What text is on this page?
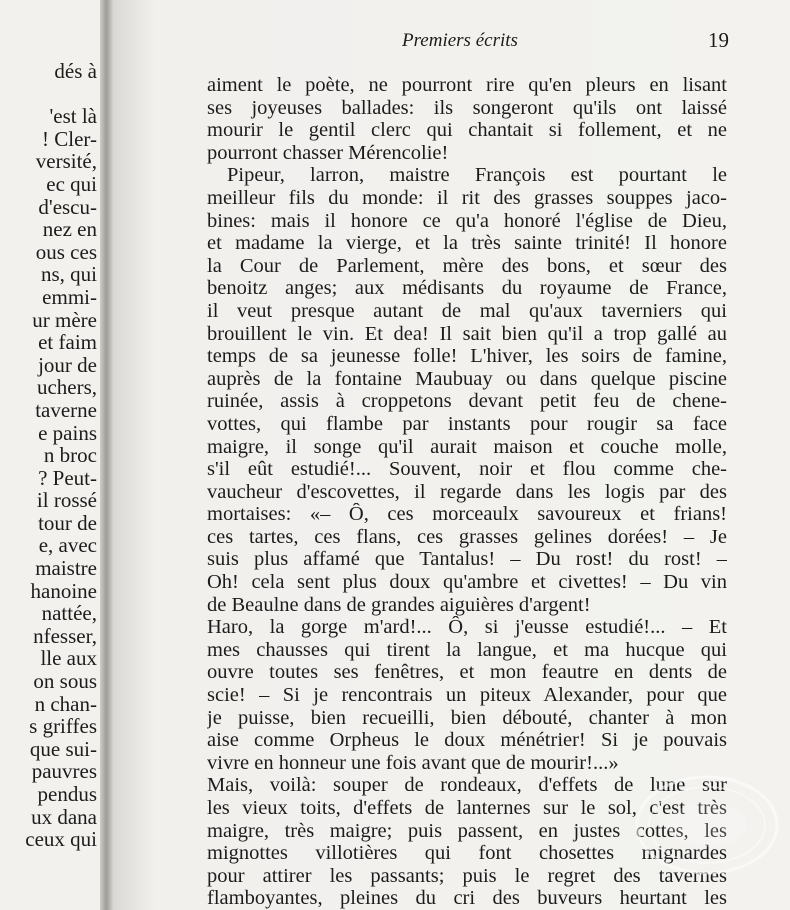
dés à

'est là
! Cler-
versité,
ec qui
d'escu-
nez en
ous ces
ns, qui
emmi-
ur mère
et faim
jour de
uchers,
taverne
e pains
n broc
? Peut-
il rossé
tour de
e, avec
maistre
hanoine
nattée,
nfesser,
lle aux
on sous
n chan-
s griffes
que sui-
pauvres
pendus
ux dana
ceux qui
Premiers écrits	19
aiment le poète, ne pourront rire qu'en pleurs en lisant
ses joyeuses ballades: ils songeront qu'ils ont laissé
mourir le gentil clerc qui chantait si follement, et ne
pourront chasser Mérencolie!
Pipeur, larron, maistre François est pourtant le
meilleur fils du monde: il rit des grasses souppes jaco-
bines: mais il honore ce qu'a honoré l'église de Dieu,
et madame la vierge, et la très sainte trinité! Il honore
la Cour de Parlement, mère des bons, et sœur des
benoitz anges; aux médisants du royaume de France,
il veut presque autant de mal qu'aux taverniers qui
brouillent le vin. Et dea! Il sait bien qu'il a trop gallé au
temps de sa jeunesse folle! L'hiver, les soirs de famine,
auprès de la fontaine Maubuay ou dans quelque piscine
ruinée, assis à croppetons devant petit feu de chene-
vottes, qui flambe par instants pour rougir sa face
maigre, il songe qu'il aurait maison et couche molle,
s'il eût estudié!... Souvent, noir et flou comme che-
vaucheur d'escovettes, il regarde dans les logis par des
mortaises: «– Ô, ces morceaulx savoureux et frians!
ces tartes, ces flans, ces grasses gelines dorées! – Je
suis plus affamé que Tantalus! – Du rost! du rost! –
Oh! cela sent plus doux qu'ambre et civettes! – Du vin
de Beaulne dans de grandes aiguières d'argent!
Haro, la gorge m'ard!... Ô, si j'eusse estudié!... – Et
mes chausses qui tirent la langue, et ma hucque qui
ouvre toutes ses fenêtres, et mon feautre en dents de
scie! – Si je rencontrais un piteux Alexander, pour que
je puisse, bien recueilli, bien débouté, chanter à mon
aise comme Orpheus le doux ménétrier! Si je pouvais
vivre en honneur une fois avant que de mourir!...»
Mais, voilà: souper de rondeaux, d'effets de lune sur
les vieux toits, d'effets de lanternes sur le sol, c'est très
maigre, très maigre; puis passent, en justes cottes, les
mignottes villotières qui font chosettes mignardes
pour attirer les passants; puis le regret des tavernes
flamboyantes, pleines du cri des buveurs heurtant les
